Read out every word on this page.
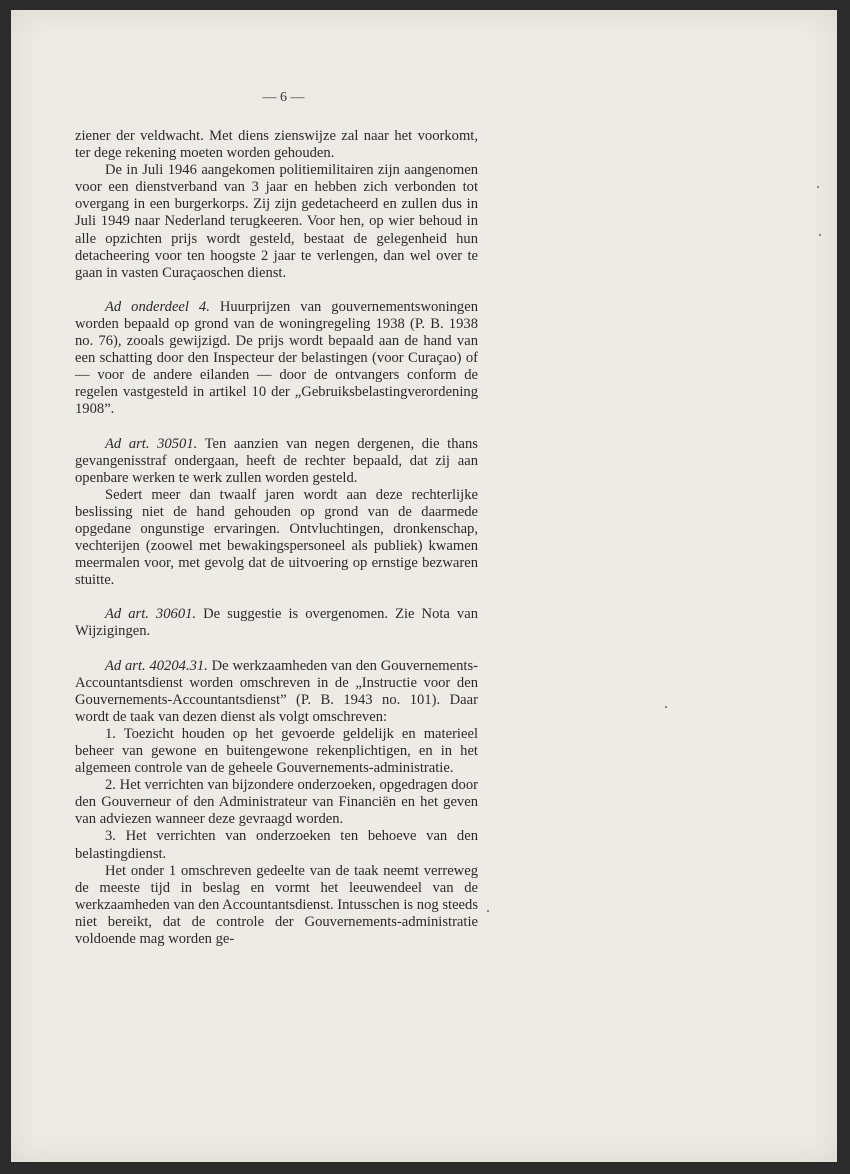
— 6 —

ziener der veldwacht. Met diens zienswijze zal naar het voorkomt, ter dege rekening moeten worden gehouden.

De in Juli 1946 aangekomen politiemilitairen zijn aangenomen voor een dienstverband van 3 jaar en hebben zich verbonden tot overgang in een burgerkorps. Zij zijn gedetacheerd en zullen dus in Juli 1949 naar Nederland terugkeeren. Voor hen, op wier behoud in alle opzichten prijs wordt gesteld, bestaat de gelegenheid hun detacheering voor ten hoogste 2 jaar te verlengen, dan wel over te gaan in vasten Curaçaoschen dienst.

Ad onderdeel 4. Huurprijzen van gouvernementswoningen worden bepaald op grond van de woningregeling 1938 (P. B. 1938 no. 76), zooals gewijzigd. De prijs wordt bepaald aan de hand van een schatting door den Inspecteur der belastingen (voor Curaçao) of — voor de andere eilanden — door de ontvangers conform de regelen vastgesteld in artikel 10 der „Gebruiksbelastingverordening 1908”.

Ad art. 30501. Ten aanzien van negen dergenen, die thans gevangenisstraf ondergaan, heeft de rechter bepaald, dat zij aan openbare werken te werk zullen worden gesteld.

Sedert meer dan twaalf jaren wordt aan deze rechterlijke beslissing niet de hand gehouden op grond van de daarmede opgedane ongunstige ervaringen. Ontvluchtingen, dronkenschap, vechterijen (zoowel met bewakingspersoneel als publiek) kwamen meermalen voor, met gevolg dat de uitvoering op ernstige bezwaren stuitte.

Ad art. 30601. De suggestie is overgenomen. Zie Nota van Wijzigingen.

Ad art. 40204.31. De werkzaamheden van den Gouvernements-Accountantsdienst worden omschreven in de „Instructie voor den Gouvernements-Accountantsdienst” (P. B. 1943 no. 101). Daar wordt de taak van dezen dienst als volgt omschreven:

1. Toezicht houden op het gevoerde geldelijk en materieel beheer van gewone en buitengewone rekenplichtigen, en in het algemeen controle van de geheele Gouvernements-administratie.

2. Het verrichten van bijzondere onderzoeken, opgedragen door den Gouverneur of den Administrateur van Financiën en het geven van adviezen wanneer deze gevraagd worden.

3. Het verrichten van onderzoeken ten behoeve van den belastingdienst.

Het onder 1 omschreven gedeelte van de taak neemt verreweg de meeste tijd in beslag en vormt het leeuwendeel van de werkzaamheden van den Accountantsdienst. Intusschen is nog steeds niet bereikt, dat de controle der Gouvernements-administratie voldoende mag worden ge-
